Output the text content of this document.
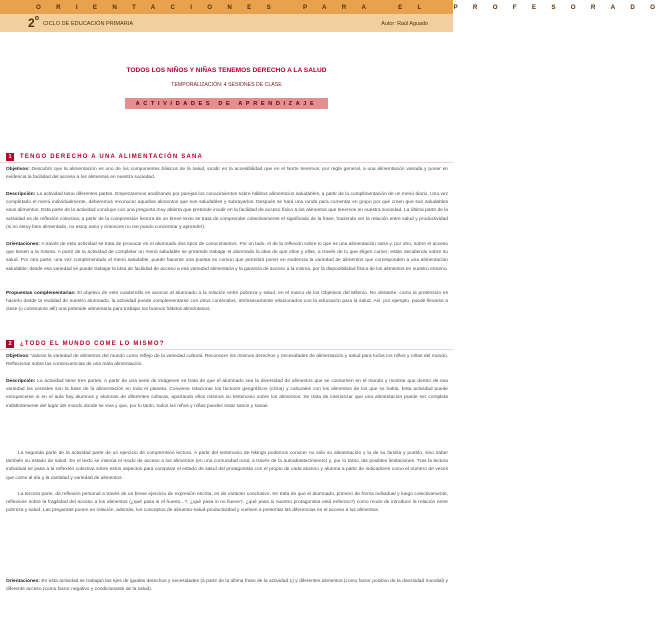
ORIENTACIONES PARA EL PROFESORADO
2$^o$
CICLO DE EDUCACIÓN PRIMARIA	Autor: Raúl Aguado
TODOS LOS NIÑOS Y NIÑAS TENEMOS DERECHO A LA SALUD
TEMPORALIZACIÓN: 4 SESIONES DE CLASE
ACTIVIDADES DE APRENDIZAJE
1	TENGO DERECHO A UNA ALIMENTACIÓN SANA

Objetivos: Descubrir que la alimentación es uno de los componentes básicos de la salud, incidir en la accesibilidad que en el Norte tenemos, por regla general, a una alimentación variada y poner en evidencia la facilidad del acceso a los alimentos en nuestra sociedad.

Descripción: La actividad tiene diferentes partes. Empezaremos analizando por parejas los conocimientos sobre hábitos alimenticios saludables, a partir de la cumplimentación de un menú diario. Una vez completado el menú individualmente, deberemos reconocer aquellos alimentos que son saludables y subrayarlos. Después se hará una ronda para comentar en grupo por qué creen que son saludables esos alimentos. Esta parte de la actividad concluye con una pregunta muy abierta que pretende incidir en la facilidad de acceso físico a los alimentos que tenemos en nuestra sociedad. La última parte de la actividad es de reflexión colectiva; a partir de la comprensión lectora de un breve texto se trata de comprender colectivamente el significado de la frase, haciendo ver la relación entre salud y productividad (si no estoy bien alimentado, no estoy sano y entonces no me puedo concentrar y aprender).

Orientaciones: A través de esta actividad se trata de provocar en el alumnado dos tipos de conocimientos. Por un lado, el de la reflexión sobre lo que es una alimentación sana y, por otro, sobre el acceso que tienen a la misma. A partir de la actividad de completar un menú saludable se pretende trabajar el alumnado la idea de que ellos y ellas, a través de lo que eligen comer, están decidiendo sobre su salud. Por otra parte, una vez cumplimentado el menú saludable, puede hacerse una puesta en común que permitirá poner en evidencia la variedad de alimentos que corresponden a una alimentación saludable: desde esa variedad se puede trabajar la idea de facilidad de acceso a esa variedad alimentaria y la garantía de acceso a la misma, por la disponibilidad física de los alimentos en nuestro entorno.

Propuestas complementarias: El objetivo de este cuadernillo es acercar al alumnado a la relación entre pobreza y salud, en el marco de los Objetivos del Milenio. No obstante, como la pretensión es hacerlo desde la realidad de nuestro alumnado, la actividad puede complementarse con otros contenidos, intrínsecamente relacionados con la educación para la salud. Así, por ejemplo, puede llevarse a clase (o construirse allí) una pirámide alimentaria para trabajar los buenos hábitos alimentarios.

2	¿TODO EL MUNDO COME LO MISMO?

Objetivos: Valorar la variedad de alimentos del mundo como reflejo de la variedad cultural. Reconocer los mismos derechos y necesidades de alimentación y salud para todos los niños y niñas del mundo. Reflexionar sobre las consecuencias de una mala alimentación.

Descripción: La actividad tiene tres partes. A partir de una serie de imágenes se trata de que el alumnado vea la diversidad de alimentos que se consumen en el mundo y mostrar que dentro de esa variedad los cereales son la base de la alimentación en todo el planeta. Conviene relacionar los factores geográficos (clima) y culturales con los alimentos de los que se habla. Esta actividad puede enriquecerse si en el aula hay alumnos y alumnas de diferentes culturas, aportando ellos mismos su testimonio sobre los alimentos. Se trata de interiorizar que una alimentación puede ser completa indistintamente del lugar del mundo donde se viva y que, por lo tanto, todos los niños y niñas pueden estar sanos y sanas.

La segunda parte de la actividad parte de un ejercicio de comprensión lectora. A partir del testimonio de Nkingo podemos conocer no sólo su alimentación y la de su familia y pueblo, sino saber también su estado de salud. En el texto se insinúa el modo de acceso a los alimentos (en una comunidad rural, a través de la autoabastecimiento) y, por lo tanto, las posibles limitaciones. Tras la lectura individual se pasa a la reflexión colectiva sobre estos aspectos para comparar el estado de salud del protagonista con el propio de cada alumno y alumna a partir de indicadores como el número de veces que come al día y la cantidad y variedad de alimentos.

La tercera parte, de reflexión personal a través de un breve ejercicio de expresión escrita, es de carácter conclusivo. Se trata de que el alumnado, primero de forma individual y luego colectivamente, reflexione sobre la fragilidad del acceso a los alimentos (¿qué pasa si el huerto...?, ¿qué pasa si no llueve?, ¿qué pasa si nuestro protagonista está enfermo?) como modo de introducir la relación entre pobreza y salud. Las preguntas ponen en relación, además, los conceptos de alimento-salud-productividad y vuelven a presentar las diferencias en el acceso a los alimentos.

Orientaciones: En esta actividad se trabajan las ejes de iguales derechos y necesidades (a partir de la última frase de la actividad 1) y diferentes alimentos (como factor positivo de la diversidad mundial) y diferente acceso (como factor negativo y condicionante de la salud).
